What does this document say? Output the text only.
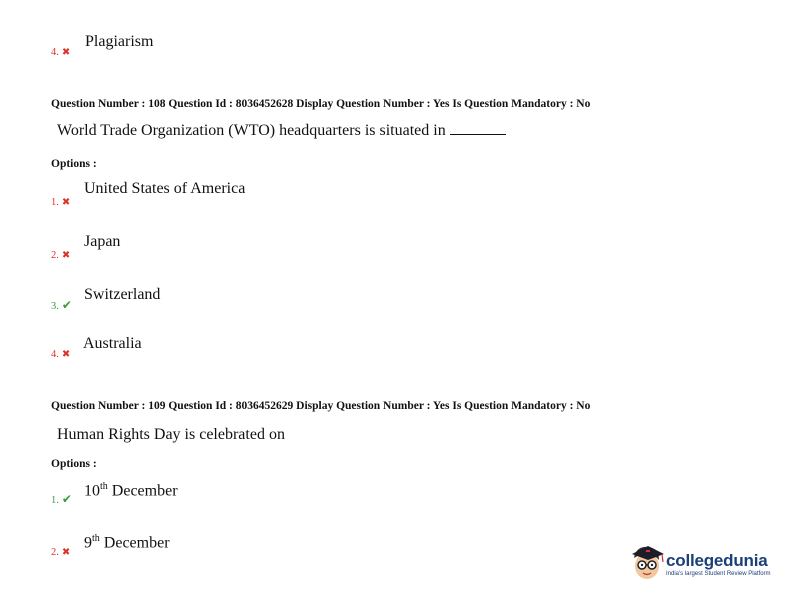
4. ✖
Plagiarism
Question Number : 108 Question Id : 8036452628 Display Question Number : Yes Is Question Mandatory : No
World Trade Organization (WTO) headquarters is situated in
Options :
1. ✖
United States of America
2. ✖
Japan
3. ✔
Switzerland
4. ✖
Australia
Question Number : 109 Question Id : 8036452629 Display Question Number : Yes Is Question Mandatory : No
Human Rights Day is celebrated on
Options :
1. ✔ 10th December
2. ✖
9th December
collegedunia
India's largest Student Review Platform
